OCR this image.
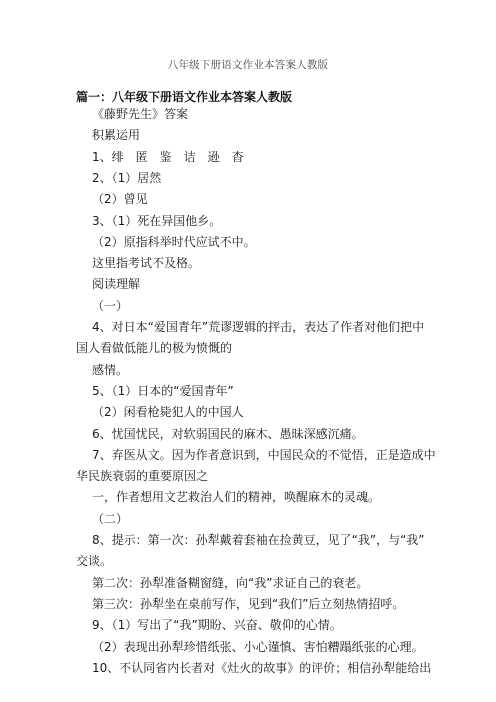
八年级下册语文作业本答案人教版
篇一：八年级下册语文作业本答案人教版
《藤野先生》答案
积累运用
1、绯　匿　鉴　诘　逊　杳
2、（1）居然
（2）曾见
3、（1）死在异国他乡。
（2）原指科举时代应试不中。
这里指考试不及格。
阅读理解
（一）
4、对日本“爱国青年”荒谬逻辑的抨击，表达了作者对他们把中
国人看做低能儿的极为愤慨的
感情。
5、（1）日本的“爱国青年”
（2）闲看枪毙犯人的中国人
6、忧国忧民，对软弱国民的麻木、愚昧深感沉痛。
7、弃医从文。因为作者意识到，中国民众的不觉悟，正是造成中
华民族衰弱的重要原因之
一，作者想用文艺救治人们的精神，唤醒麻木的灵魂。
（二）
8、提示：第一次：孙犁戴着套袖在捡黄豆，见了“我”，与“我”
交谈。
第二次：孙犁准备糊窗缝，向“我”求证自己的衰老。
第三次：孙犁坐在桌前写作，见到“我们”后立刻热情招呼。
9、（1）写出了“我”期盼、兴奋、敬仰的心情。
（2）表现出孙犁珍惜纸张、小心谨慎、害怕糟蹋纸张的心理。
10、不认同省内长者对《灶火的故事》的评价；相信孙犁能给出
